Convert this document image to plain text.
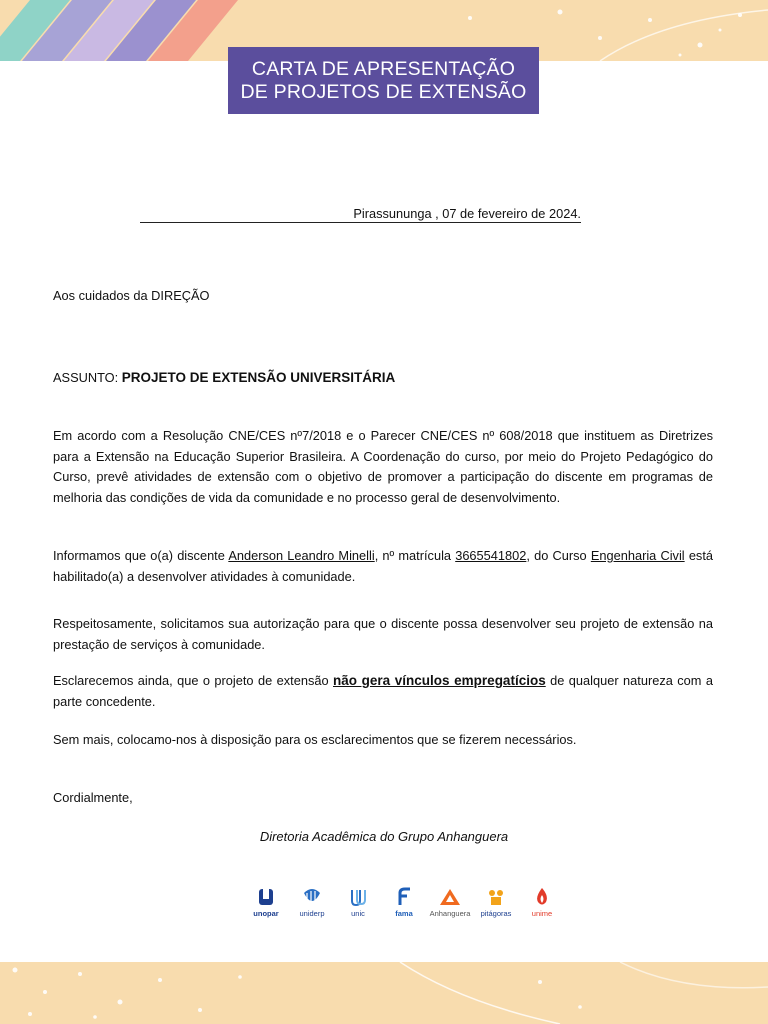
CARTA DE APRESENTAÇÃO
DE PROJETOS DE EXTENSÃO
Pirassununga , 07 de fevereiro de 2024.
Aos cuidados da DIREÇÃO
ASSUNTO: PROJETO DE EXTENSÃO UNIVERSITÁRIA
Em acordo com a Resolução CNE/CES nº7/2018 e o Parecer CNE/CES nº 608/2018 que instituem as Diretrizes para a Extensão na Educação Superior Brasileira. A Coordenação do curso, por meio do Projeto Pedagógico do Curso, prevê atividades de extensão com o objetivo de promover a participação do discente em programas de melhoria das condições de vida da comunidade e no processo geral de desenvolvimento.
Informamos que o(a) discente Anderson Leandro Minelli, nº matrícula 3665541802, do Curso Engenharia Civil está habilitado(a) a desenvolver atividades à comunidade.
Respeitosamente, solicitamos sua autorização para que o discente possa desenvolver seu projeto de extensão na prestação de serviços à comunidade.
Esclarecemos ainda, que o projeto de extensão não gera vínculos empregatícios de qualquer natureza com a parte concedente.
Sem mais, colocamo-nos à disposição para os esclarecimentos que se fizerem necessários.
Cordialmente,
Diretoria Acadêmica do Grupo Anhanguera
unopar	uniderp	unic	fama Anhanguera pitágoras	unime
